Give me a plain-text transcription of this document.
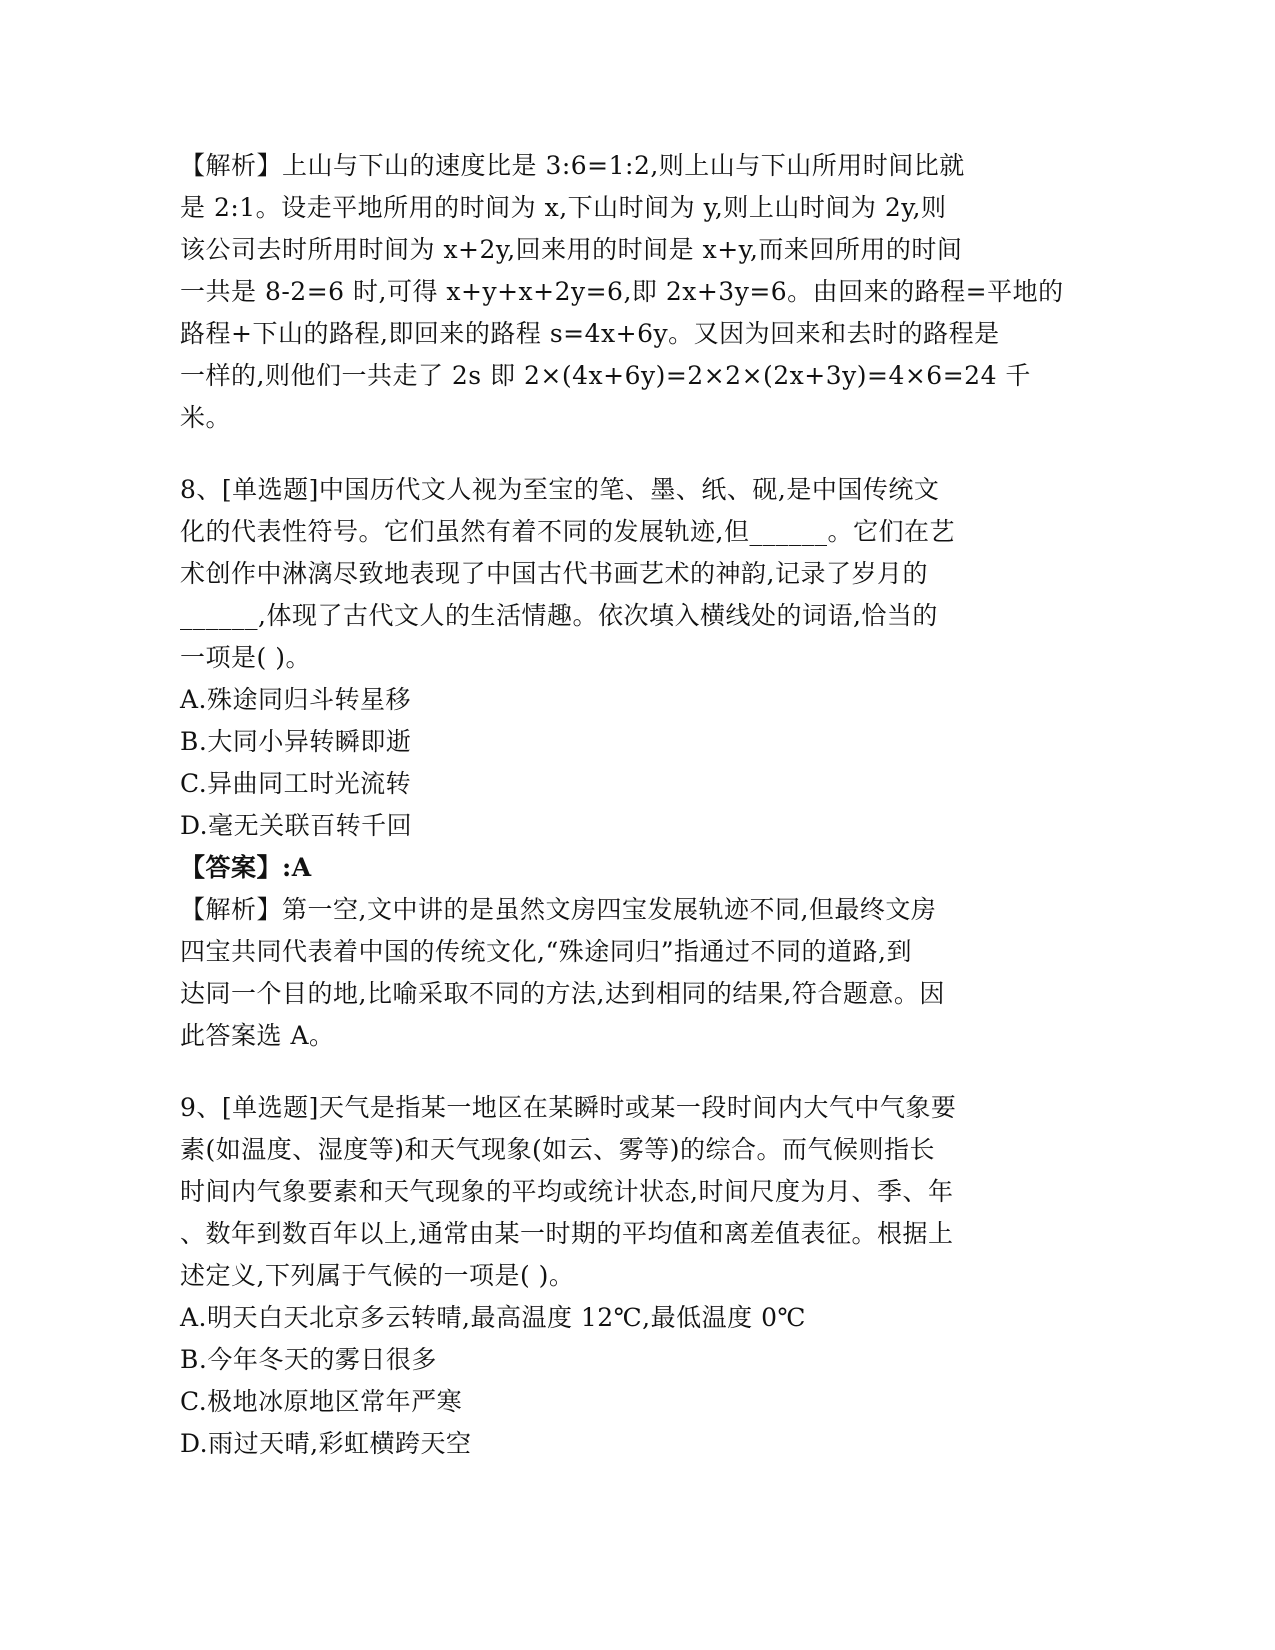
【解析】上山与下山的速度比是 3:6=1:2,则上山与下山所用时间比就
是 2:1。设走平地所用的时间为 x,下山时间为 y,则上山时间为 2y,则
该公司去时所用时间为 x+2y,回来用的时间是 x+y,而来回所用的时间
一共是 8-2=6 时,可得 x+y+x+2y=6,即 2x+3y=6。由回来的路程=平地的
路程+下山的路程,即回来的路程 s=4x+6y。又因为回来和去时的路程是
一样的,则他们一共走了 2s 即 2×(4x+6y)=2×2×(2x+3y)=4×6=24 千
米。
8、[单选题]中国历代文人视为至宝的笔、墨、纸、砚,是中国传统文
化的代表性符号。它们虽然有着不同的发展轨迹,但______。它们在艺
术创作中淋漓尽致地表现了中国古代书画艺术的神韵,记录了岁月的
______,体现了古代文人的生活情趣。依次填入横线处的词语,恰当的
一项是( )。
A.殊途同归斗转星移
B.大同小异转瞬即逝
C.异曲同工时光流转
D.毫无关联百转千回
【答案】:A
【解析】第一空,文中讲的是虽然文房四宝发展轨迹不同,但最终文房
四宝共同代表着中国的传统文化,“殊途同归”指通过不同的道路,到
达同一个目的地,比喻采取不同的方法,达到相同的结果,符合题意。因
此答案选 A。
9、[单选题]天气是指某一地区在某瞬时或某一段时间内大气中气象要
素(如温度、湿度等)和天气现象(如云、雾等)的综合。而气候则指长
时间内气象要素和天气现象的平均或统计状态,时间尺度为月、季、年
、数年到数百年以上,通常由某一时期的平均值和离差值表征。根据上
述定义,下列属于气候的一项是( )。
A.明天白天北京多云转晴,最高温度 12℃,最低温度 0℃
B.今年冬天的雾日很多
C.极地冰原地区常年严寒
D.雨过天晴,彩虹横跨天空
